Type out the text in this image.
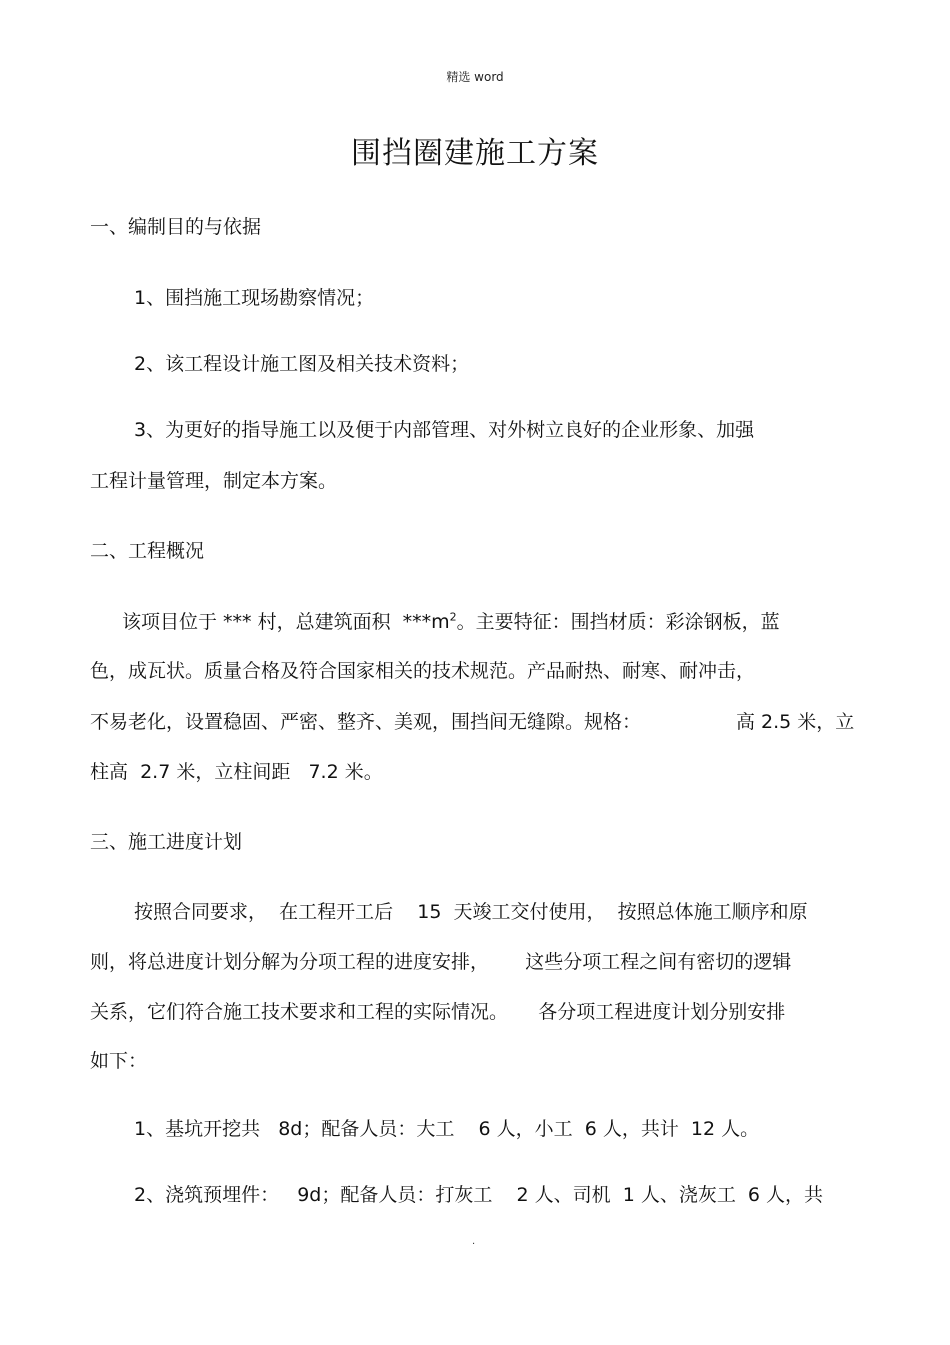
精选 word
围挡圈建施工方案
一、编制目的与依据
1、围挡施工现场勘察情况；
2、该工程设计施工图及相关技术资料；
3、为更好的指导施工以及便于内部管理、对外树立良好的企业形象、加强
工程计量管理，制定本方案。
二、工程概况
该项目位于 *** 村，总建筑面积  $***m^2$。主要特征：围挡材质：彩涂钢板，蓝
色，成瓦状。质量合格及符合国家相关的技术规范。产品耐热、耐寒、耐冲击，
不易老化，设置稳固、严密、整齐、美观，围挡间无缝隙。规格：	高 2.5 米，立
柱高  2.7 米，立柱间距   7.2 米。
三、施工进度计划
按照合同要求，  在工程开工后    15  天竣工交付使用，  按照总体施工顺序和原
则，将总进度计划分解为分项工程的进度安排，      这些分项工程之间有密切的逻辑
关系，它们符合施工技术要求和工程的实际情况。     各分项工程进度计划分别安排
如下：
1、基坑开挖共   8d；配备人员：大工    6 人，小工  6 人，共计  12 人。
2、浇筑预埋件：   9d；配备人员：打灰工    2 人、司机  1 人、浇灰工  6 人，共
.
